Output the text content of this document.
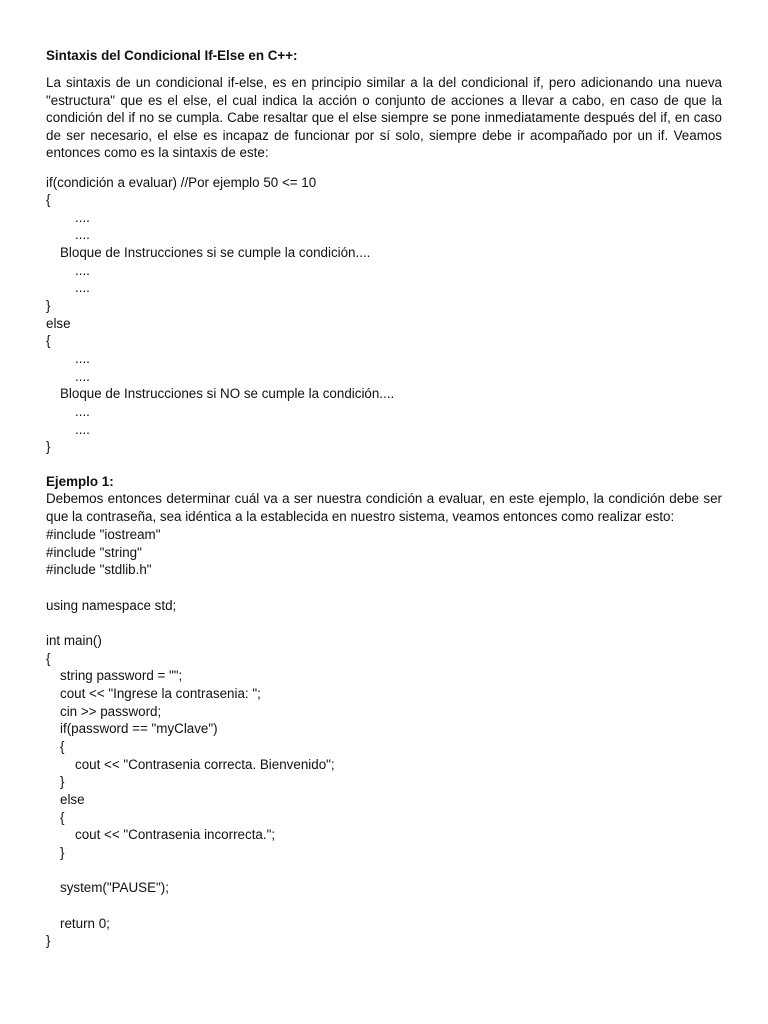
Sintaxis del Condicional If-Else en C++:

La sintaxis de un condicional if-else, es en principio similar a la del condicional if, pero adicionando una nueva "estructura" que es el else, el cual indica la acción o conjunto de acciones a llevar a cabo, en caso de que la condición del if no se cumpla. Cabe resaltar que el else siempre se pone inmediatamente después del if, en caso de ser necesario, el else es incapaz de funcionar por sí solo, siempre debe ir acompañado por un if. Veamos entonces como es la sintaxis de este:

if(condición a evaluar) //Por ejemplo 50 <= 10

{

....

....

Bloque de Instrucciones si se cumple la condición....

....

....

}

else

{

....

....

Bloque de Instrucciones si NO se cumple la condición....

....

....

}

Ejemplo 1:

Debemos entonces determinar cuál va a ser nuestra condición a evaluar, en este ejemplo, la condición debe ser que la contraseña, sea idéntica a la establecida en nuestro sistema, veamos entonces como realizar esto:

#include "iostream"

#include "string"

#include "stdlib.h"

using namespace std;

int main()

{

string password = "";

cout << "Ingrese la contrasenia: ";

cin >> password;

if(password == "myClave")

{

cout << "Contrasenia correcta. Bienvenido";

}

else

{

cout << "Contrasenia incorrecta.";

}

system("PAUSE");

return 0;

}
